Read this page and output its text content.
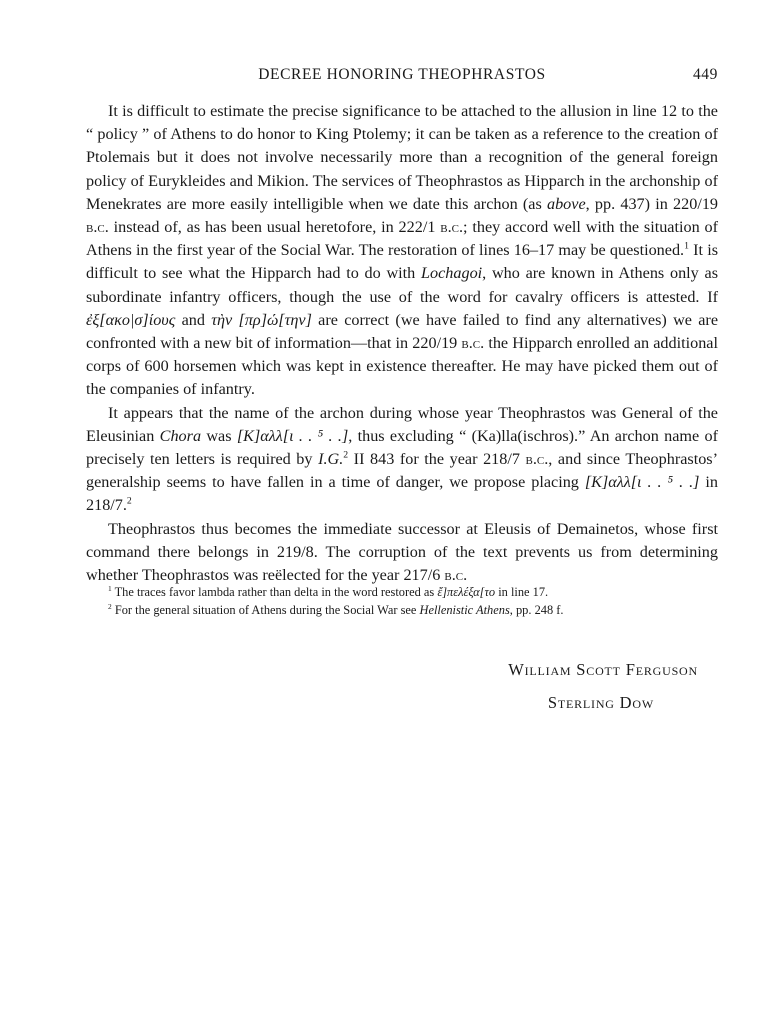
DECREE HONORING THEOPHRASTOS	449

It is difficult to estimate the precise significance to be attached to the allusion in line 12 to the “ policy ” of Athens to do honor to King Ptolemy; it can be taken as a reference to the creation of Ptolemais but it does not involve necessarily more than a recognition of the general foreign policy of Eurykleides and Mikion. The services of Theophrastos as Hipparch in the archonship of Menekrates are more easily intelligible when we date this archon (as above, pp. 437) in 220/19 b.c. instead of, as has been usual heretofore, in 222/1 b.c.; they accord well with the situation of Athens in the first year of the Social War. The restoration of lines 16–17 may be questioned.$^1$ It is difficult to see what the Hipparch had to do with Lochagoi, who are known in Athens only as subordinate infantry officers, though the use of the word for cavalry officers is attested. If ἐξ[ακο|σ]ίους and τὴν [πρ]ώ[την] are correct (we have failed to find any alternatives) we are confronted with a new bit of information—that in 220/19 b.c. the Hipparch enrolled an additional corps of 600 horsemen which was kept in existence thereafter. He may have picked them out of the companies of infantry.

It appears that the name of the archon during whose year Theophrastos was General of the Eleusinian Chora was [K]αλλ[ι . . ⁵ . .], thus excluding “ (Ka)lla(ischros).” An archon name of precisely ten letters is required by I.G.$^2$ II 843 for the year 218/7 b.c., and since Theophrastos’ generalship seems to have fallen in a time of danger, we propose placing [K]αλλ[ι . . ⁵ . .] in 218/7.$^2$

Theophrastos thus becomes the immediate successor at Eleusis of Demainetos, whose first command there belongs in 219/8. The corruption of the text prevents us from determining whether Theophrastos was reëlected for the year 217/6 b.c.

$^1$ The traces favor lambda rather than delta in the word restored as ἔ]πελέξα[το in line 17.

$^2$ For the general situation of Athens during the Social War see Hellenistic Athens, pp. 248 f.

William Scott Ferguson
Sterling Dow
